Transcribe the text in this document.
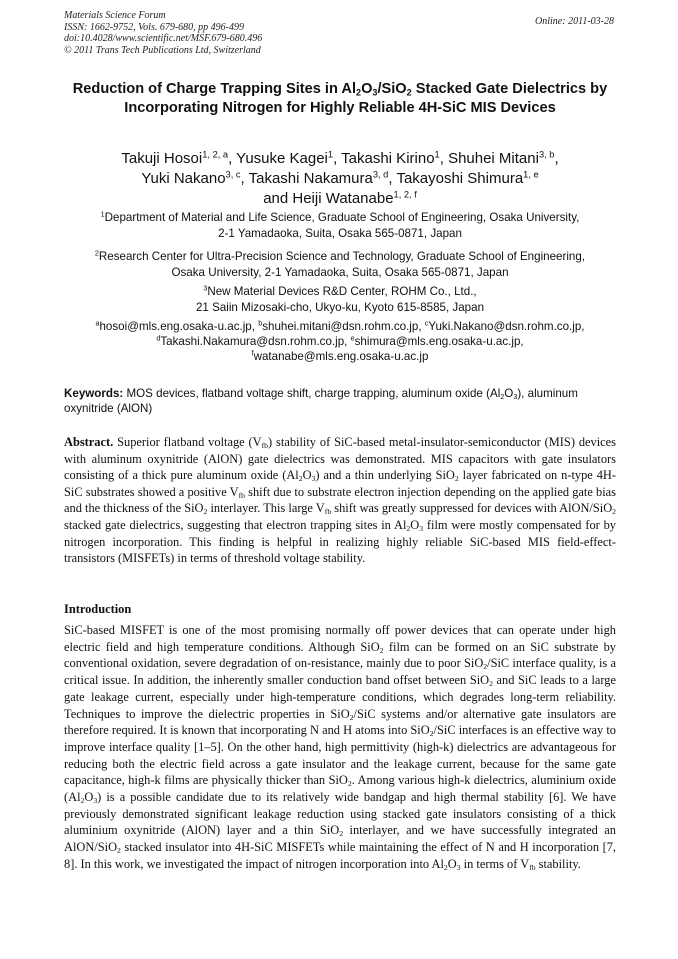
Materials Science Forum
ISSN: 1662-9752, Vols. 679-680, pp 496-499
doi:10.4028/www.scientific.net/MSF.679-680.496
© 2011 Trans Tech Publications Ltd, Switzerland
Online: 2011-03-28
Reduction of Charge Trapping Sites in $Al_2O_3/SiO_2$ Stacked Gate Dielectrics by Incorporating Nitrogen for Highly Reliable 4H-SiC MIS Devices
Takuji Hosoi$^{1, 2, a}$, Yusuke Kagei$^1$, Takashi Kirino$^1$, Shuhei Mitani$^{3, b}$,
Yuki Nakano$^{3, c}$, Takashi Nakamura$^{3, d}$, Takayoshi Shimura$^{1, e}$
and Heiji Watanabe$^{1, 2, f}$
$^1$Department of Material and Life Science, Graduate School of Engineering, Osaka University,
2-1 Yamadaoka, Suita, Osaka 565-0871, Japan
$^2$Research Center for Ultra-Precision Science and Technology, Graduate School of Engineering,
Osaka University, 2-1 Yamadaoka, Suita, Osaka 565-0871, Japan
$^3$New Material Devices R&D Center, ROHM Co., Ltd.,
21 Saiin Mizosaki-cho, Ukyo-ku, Kyoto 615-8585, Japan
$^a$hosoi@mls.eng.osaka-u.ac.jp, $^b$shuhei.mitani@dsn.rohm.co.jp, $^c$Yuki.Nakano@dsn.rohm.co.jp,
$^d$Takashi.Nakamura@dsn.rohm.co.jp, $^e$shimura@mls.eng.osaka-u.ac.jp,
$^f$watanabe@mls.eng.osaka-u.ac.jp
Keywords: MOS devices, flatband voltage shift, charge trapping, aluminum oxide $(Al_2O_3)$, aluminum oxynitride (AlON)
Abstract. Superior flatband voltage $(V_{fb})$ stability of SiC-based metal-insulator-semiconductor (MIS) devices with aluminum oxynitride (AlON) gate dielectrics was demonstrated. MIS capacitors with gate insulators consisting of a thick pure aluminum oxide $(Al_2O_3)$ and a thin underlying SiO$_2$ layer fabricated on n-type 4H-SiC substrates showed a positive $V_{fb}$ shift due to substrate electron injection depending on the applied gate bias and the thickness of the SiO$_2$ interlayer. This large $V_{fb}$ shift was greatly suppressed for devices with AlON/SiO$_2$ stacked gate dielectrics, suggesting that electron trapping sites in $Al_2O_3$ film were mostly compensated for by nitrogen incorporation. This finding is helpful in realizing highly reliable SiC-based MIS field-effect-transistors (MISFETs) in terms of threshold voltage stability.
Introduction
SiC-based MISFET is one of the most promising normally off power devices that can operate under high electric field and high temperature conditions. Although SiO$_2$ film can be formed on an SiC substrate by conventional oxidation, severe degradation of on-resistance, mainly due to poor SiO$_2$/SiC interface quality, is a critical issue. In addition, the inherently smaller conduction band offset between SiO$_2$ and SiC leads to a large gate leakage current, especially under high-temperature conditions, which degrades long-term reliability. Techniques to improve the dielectric properties in SiO$_2$/SiC systems and/or alternative gate insulators are therefore required. It is known that incorporating N and H atoms into SiO$_2$/SiC interfaces is an effective way to improve interface quality [1–5]. On the other hand, high permittivity (high-k) dielectrics are advantageous for reducing both the electric field across a gate insulator and the leakage current, because for the same gate capacitance, high-k films are physically thicker than SiO$_2$. Among various high-k dielectrics, aluminium oxide $(Al_2O_3)$ is a possible candidate due to its relatively wide bandgap and high thermal stability [6]. We have previously demonstrated significant leakage reduction using stacked gate insulators consisting of a thick aluminium oxynitride (AlON) layer and a thin SiO$_2$ interlayer, and we have successfully integrated an AlON/SiO$_2$ stacked insulator into 4H-SiC MISFETs while maintaining the effect of N and H incorporation [7, 8]. In this work, we investigated the impact of nitrogen incorporation into $Al_2O_3$ in terms of $V_{fb}$ stability.
